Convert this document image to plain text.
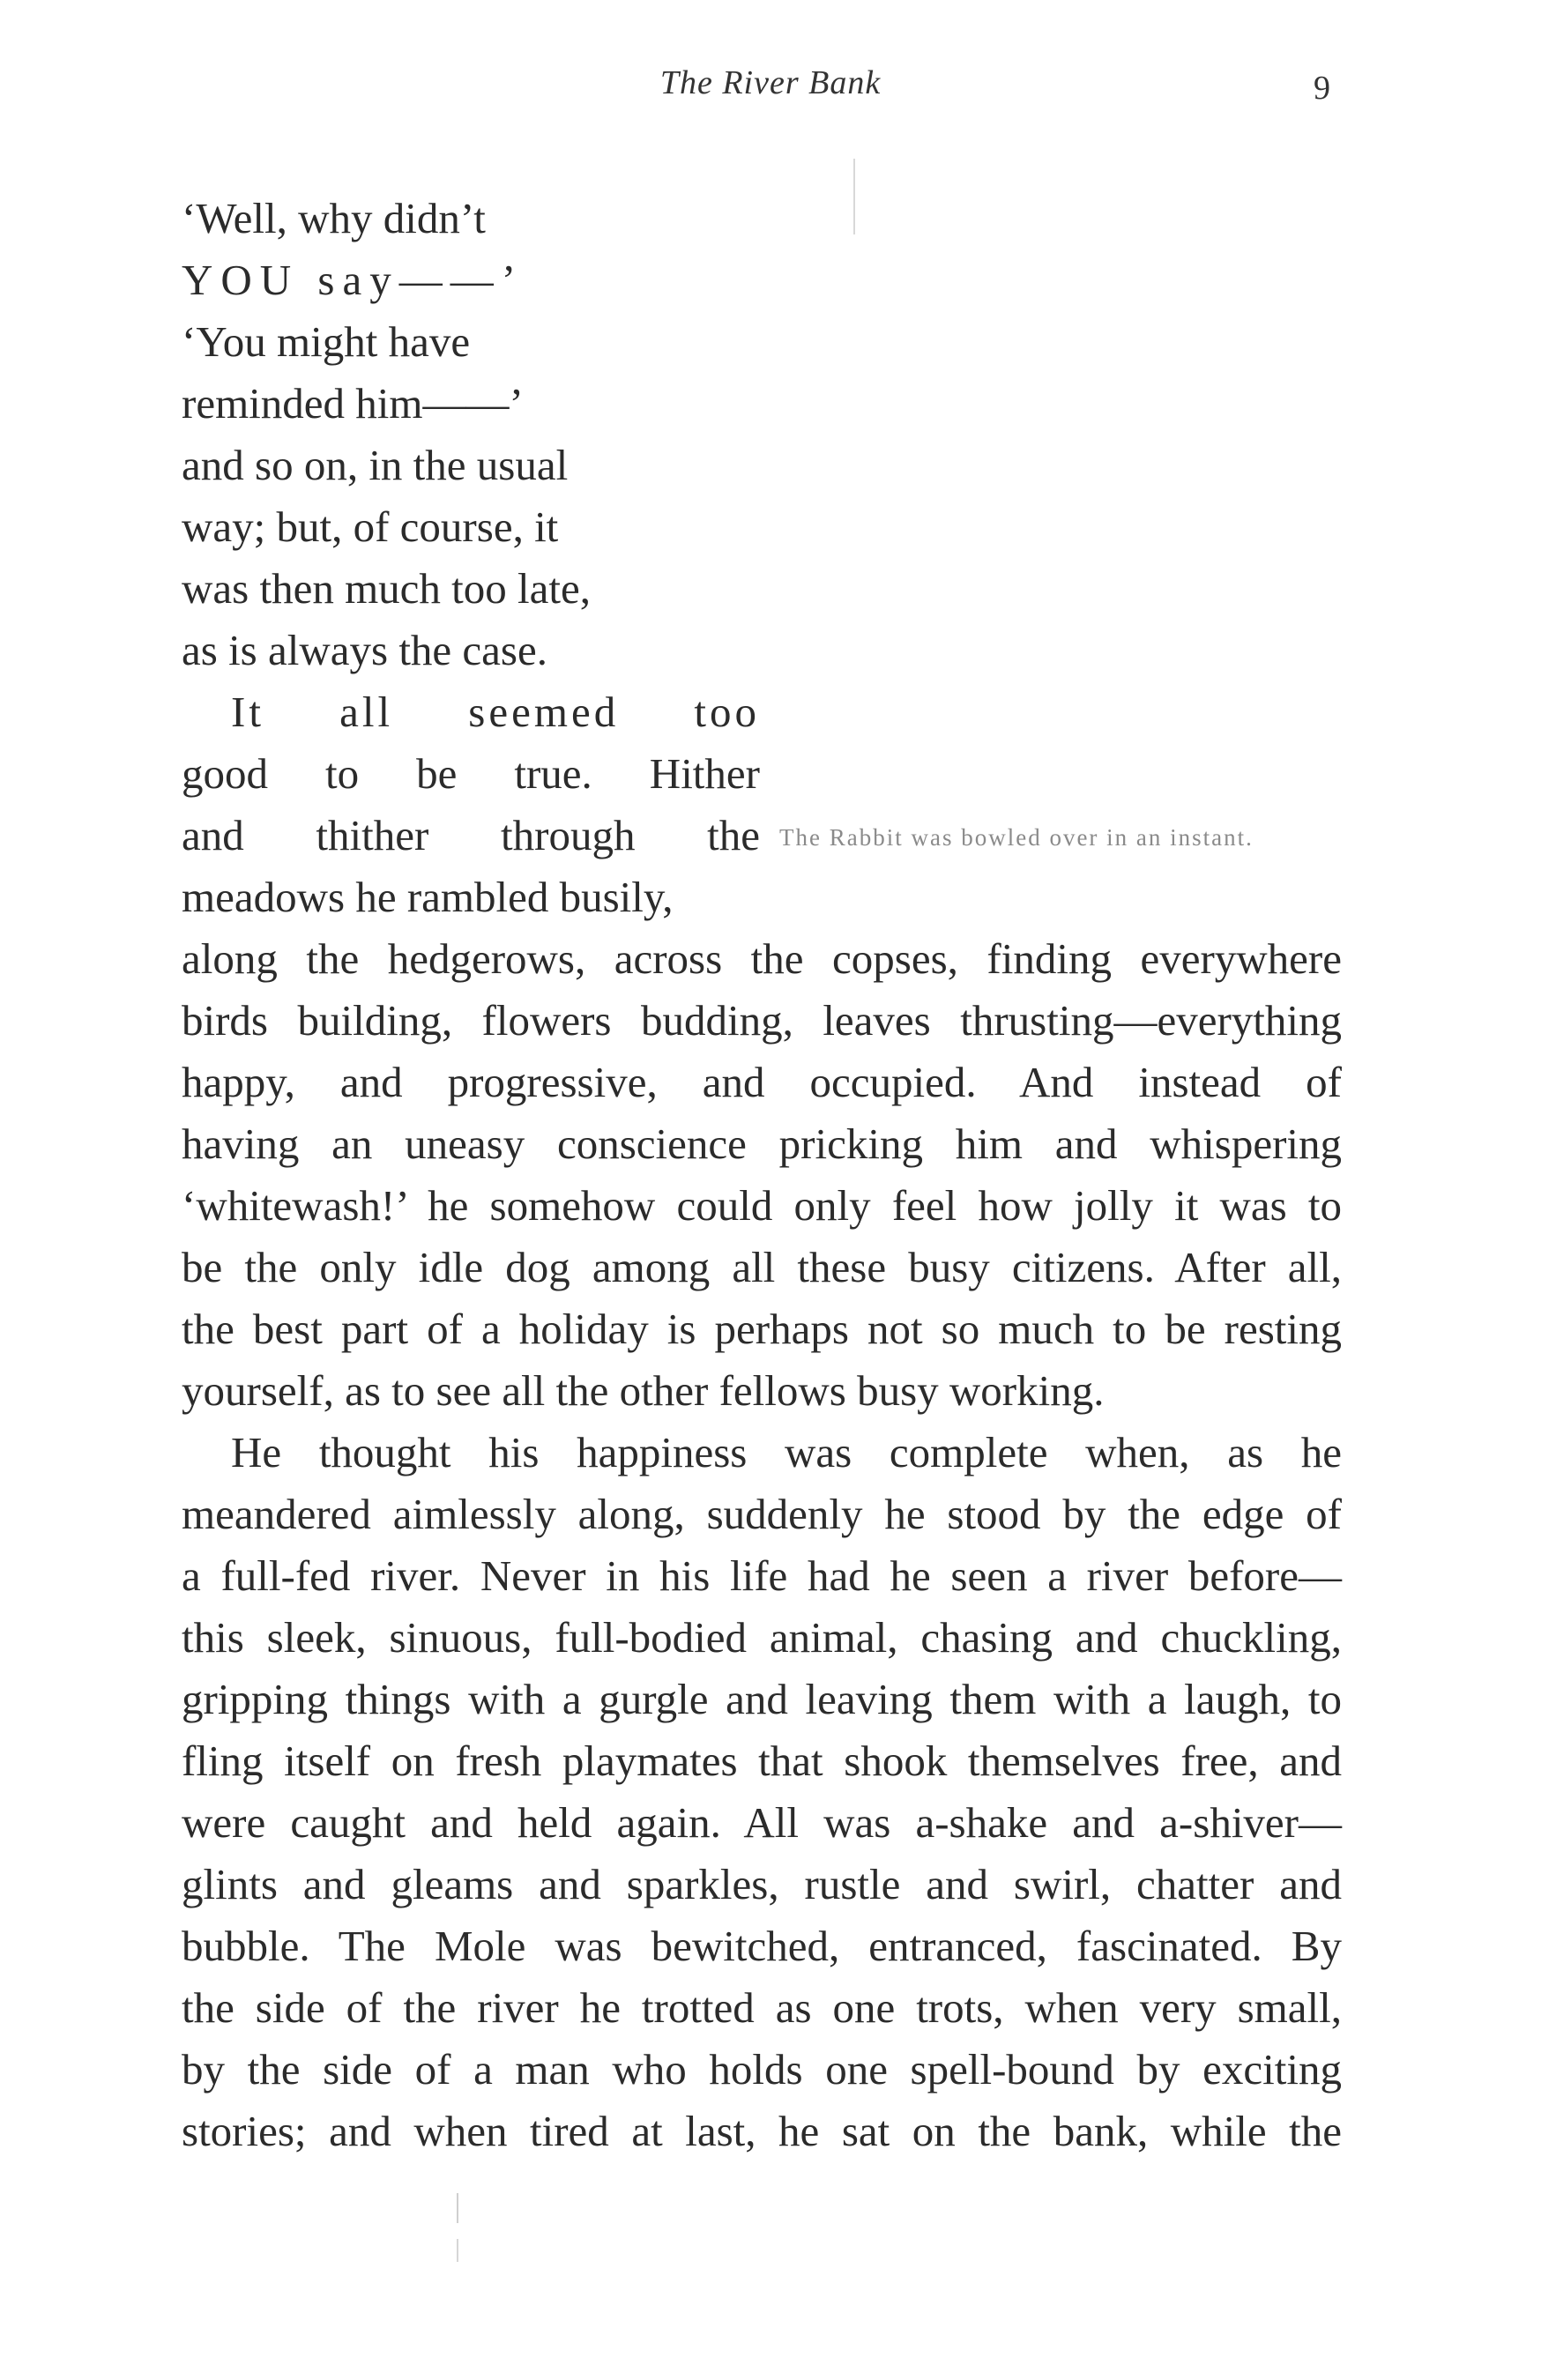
The River Bank	9
‘Well, why didn’t
YOU say——’
‘You might have
reminded him——’
and so on, in the usual
way; but, of course, it
was then much too late,
as is always the case.
It all seemed too
good to be true. Hither
and thither through the
meadows he rambled busily,
The Rabbit was bowled over in an instant.
along the hedgerows, across the copses, finding everywhere
birds building, flowers budding, leaves thrusting—everything
happy, and progressive, and occupied. And instead of
having an uneasy conscience pricking him and whispering
‘whitewash!’ he somehow could only feel how jolly it was to
be the only idle dog among all these busy citizens. After all,
the best part of a holiday is perhaps not so much to be resting
yourself, as to see all the other fellows busy working.
He thought his happiness was complete when, as he
meandered aimlessly along, suddenly he stood by the edge of
a full-fed river. Never in his life had he seen a river before—
this sleek, sinuous, full-bodied animal, chasing and chuckling,
gripping things with a gurgle and leaving them with a laugh, to
fling itself on fresh playmates that shook themselves free, and
were caught and held again. All was a-shake and a-shiver—
glints and gleams and sparkles, rustle and swirl, chatter and
bubble. The Mole was bewitched, entranced, fascinated. By
the side of the river he trotted as one trots, when very small,
by the side of a man who holds one spell-bound by exciting
stories; and when tired at last, he sat on the bank, while the
